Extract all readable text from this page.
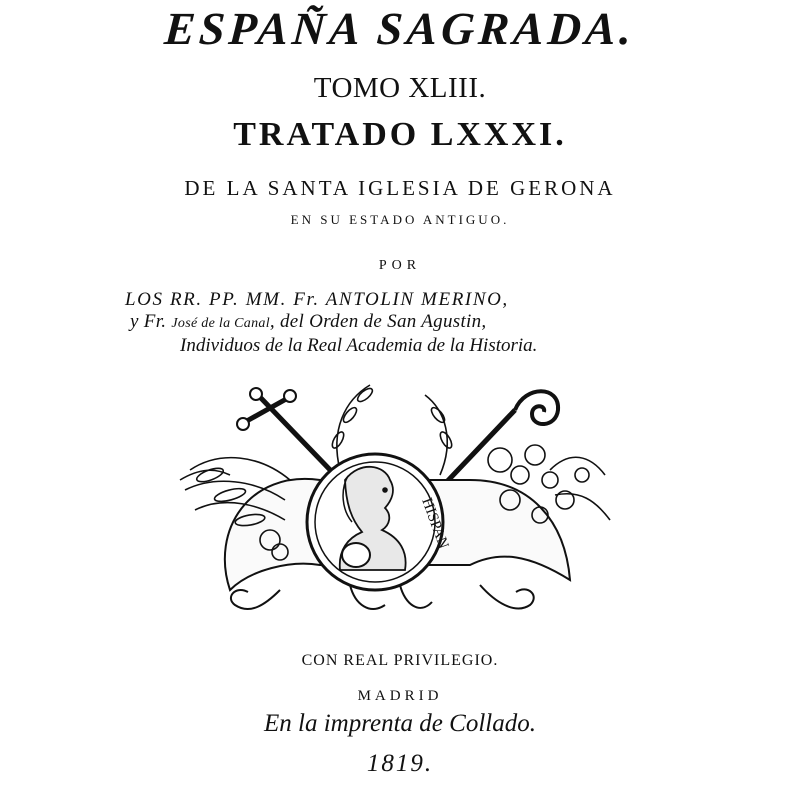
ESPAÑA SAGRADA.
TOMO XLIII.
TRATADO LXXXI.
DE LA SANTA IGLESIA DE GERONA
EN SU ESTADO ANTIGUO.
POR
LOS RR. PP. MM. Fr. ANTOLIN MERINO,
y Fr. José de la Canal, del Orden de San Agustin,
Individuos de la Real Academia de la Historia.
HISPAN
CON REAL PRIVILEGIO.
MADRID
En la imprenta de Collado.
1819.
